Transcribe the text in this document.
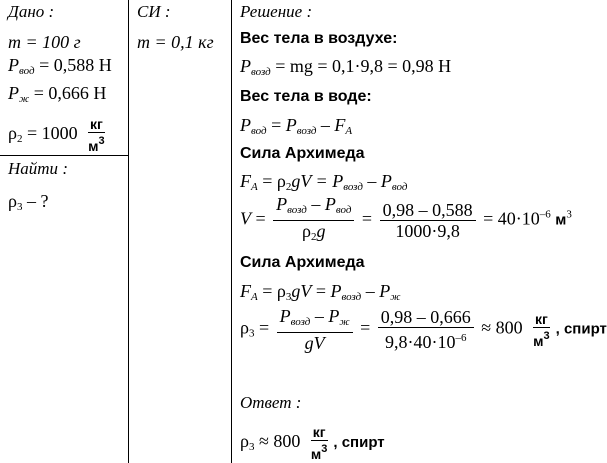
Дано :
m = 100 г
$P_{вод} = 0,588$ Н
$P_ж = 0,666$ Н
$\rho_2 = 1000 \frac{кг}{м^3}$
Найти :
$\rho_3$ – ?
СИ :
m = 0,1 кг
Решение :
Вес тела в воздухе:
$P_{возд}$ = mg = 0,1·9,8 = 0,98 Н
Вес тела в воде:
$P_{вод} = P_{возд} - F_A$
Сила Архимеда
$F_A = \rho_2gV = P_{возд} - P_{вод}$
$V = \frac{P_{возд} - P_{вод}}{\rho_2g} = \frac{0,98 - 0,588}{1000\cdot 9,8} = 40\cdot 10^{-6}$ $м^3$
Сила Архимеда
$F_A = \rho_3gV = P_{возд} - P_ж$
$\rho_3 = \frac{P_{возд} - P_ж}{gV} = \frac{0,98 - 0,666}{9,8\cdot 40\cdot 10^{-6}} \approx 800 \frac{кг}{м^3}$ , спирт
Ответ :
$\rho_3 \approx 800 \frac{кг}{м^3}$ , спирт
